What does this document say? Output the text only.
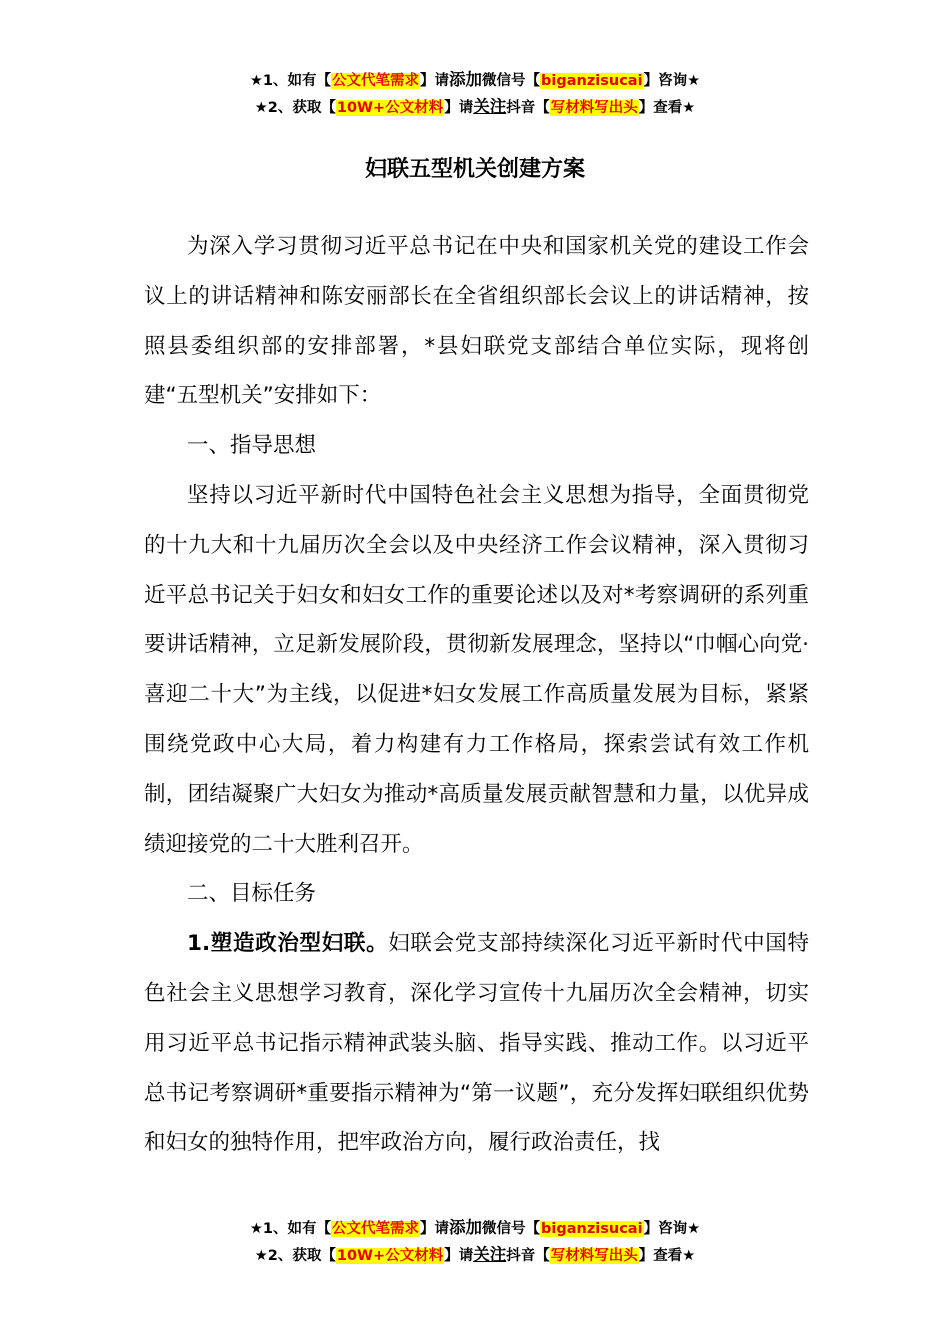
★1、如有【公文代笔需求】请添加微信号【biganzisucai】咨询★
★2、获取【10W+公文材料】请关注抖音【写材料写出头】查看★
妇联五型机关创建方案

为深入学习贯彻习近平总书记在中央和国家机关党的建设工作会议上的讲话精神和陈安丽部长在全省组织部长会议上的讲话精神，按照县委组织部的安排部署，*县妇联党支部结合单位实际，现将创建“五型机关”安排如下：

一、指导思想

坚持以习近平新时代中国特色社会主义思想为指导，全面贯彻党的十九大和十九届历次全会以及中央经济工作会议精神，深入贯彻习近平总书记关于妇女和妇女工作的重要论述以及对*考察调研的系列重要讲话精神，立足新发展阶段，贯彻新发展理念，坚持以“巾帼心向党·喜迎二十大”为主线，以促进*妇女发展工作高质量发展为目标，紧紧围绕党政中心大局，着力构建有力工作格局，探索尝试有效工作机制，团结凝聚广大妇女为推动*高质量发展贡献智慧和力量，以优异成绩迎接党的二十大胜利召开。

二、目标任务

1.塑造政治型妇联。妇联会党支部持续深化习近平新时代中国特色社会主义思想学习教育，深化学习宣传十九届历次全会精神，切实用习近平总书记指示精神武装头脑、指导实践、推动工作。以习近平总书记考察调研*重要指示精神为“第一议题”，充分发挥妇联组织优势和妇女的独特作用，把牢政治方向，履行政治责任，找

★1、如有【公文代笔需求】请添加微信号【biganzisucai】咨询★
★2、获取【10W+公文材料】请关注抖音【写材料写出头】查看★
